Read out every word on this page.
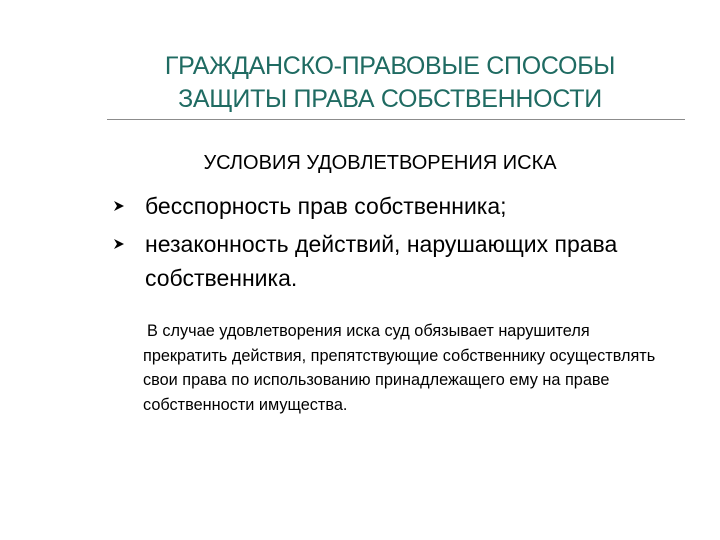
ГРАЖДАНСКО-ПРАВОВЫЕ СПОСОБЫ
ЗАЩИТЫ ПРАВА СОБСТВЕННОСТИ
УСЛОВИЯ УДОВЛЕТВОРЕНИЯ ИСКА
бесспорность прав собственника;
незаконность действий, нарушающих права собственника.
В случае удовлетворения иска суд обязывает нарушителя прекратить действия, препятствующие собственнику осуществлять свои права по использованию принадлежащего ему на праве собственности имущества.
